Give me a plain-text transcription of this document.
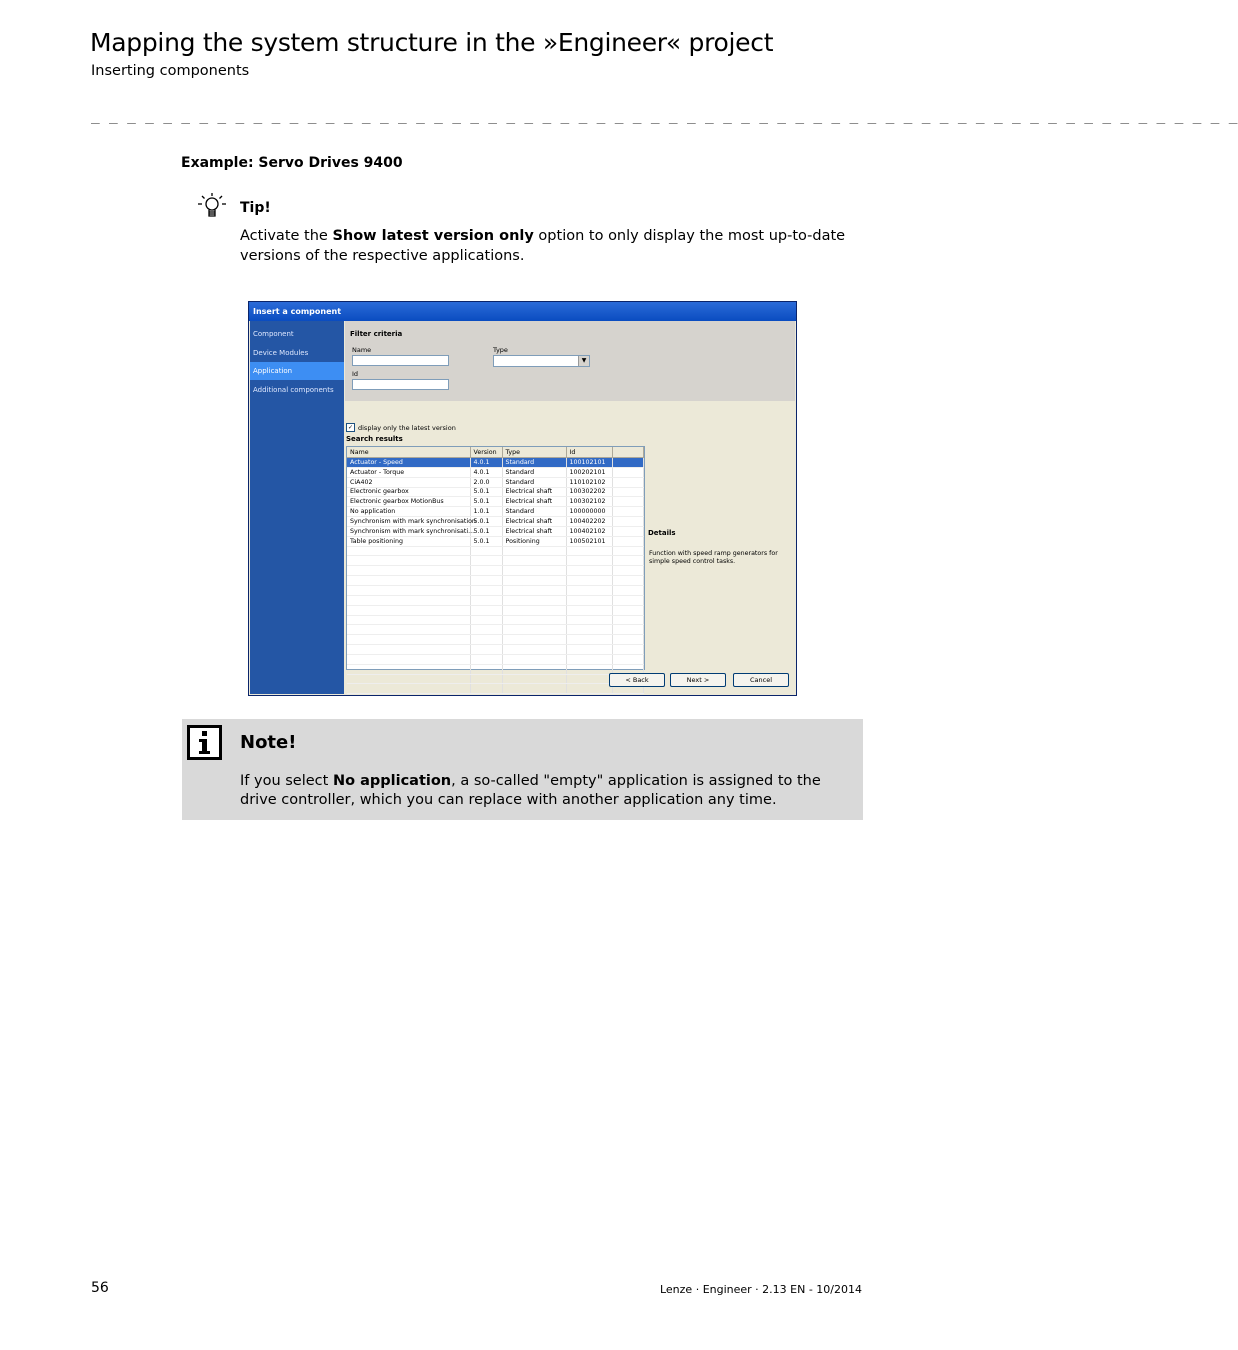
Mapping the system structure in the »Engineer« project
Inserting components
_ _ _ _ _ _ _ _ _ _ _ _ _ _ _ _ _ _ _ _ _ _ _ _ _ _ _ _ _ _ _ _ _ _ _ _ _ _ _ _ _ _ _ _ _ _ _ _ _ _ _ _ _ _ _ _ _ _ _ _ _ _ _ _
Example: Servo Drives 9400
Tip!
Activate the Show latest version only option to only display the most up-to-date versions of the respective applications.
Insert a component
Component
Device Modules
Application
Additional components
Filter criteria
Name	Type
▼
Id
✓ display only the latest version
Search results
Name	Version	Type	Id	
Actuator - Speed	4.0.1	Standard	100102101	
Actuator - Torque	4.0.1	Standard	100202101	
CiA402	2.0.0	Standard	110102102	
Electronic gearbox	5.0.1	Electrical shaft	100302202	
Electronic gearbox MotionBus	5.0.1	Electrical shaft	100302102	
No application	1.0.1	Standard	100000000	
Synchronism with mark synchronisation	5.0.1	Electrical shaft	100402202	
Synchronism with mark synchronisati...	5.0.1	Electrical shaft	100402102	
Table positioning	5.0.1	Positioning	100502101	

Details
Function with speed ramp generators for simple speed control tasks.
< Back	Next >	Cancel
Note!
If you select No application, a so-called "empty" application is assigned to the drive controller, which you can replace with another application any time.
56	Lenze · Engineer · 2.13 EN - 10/2014
